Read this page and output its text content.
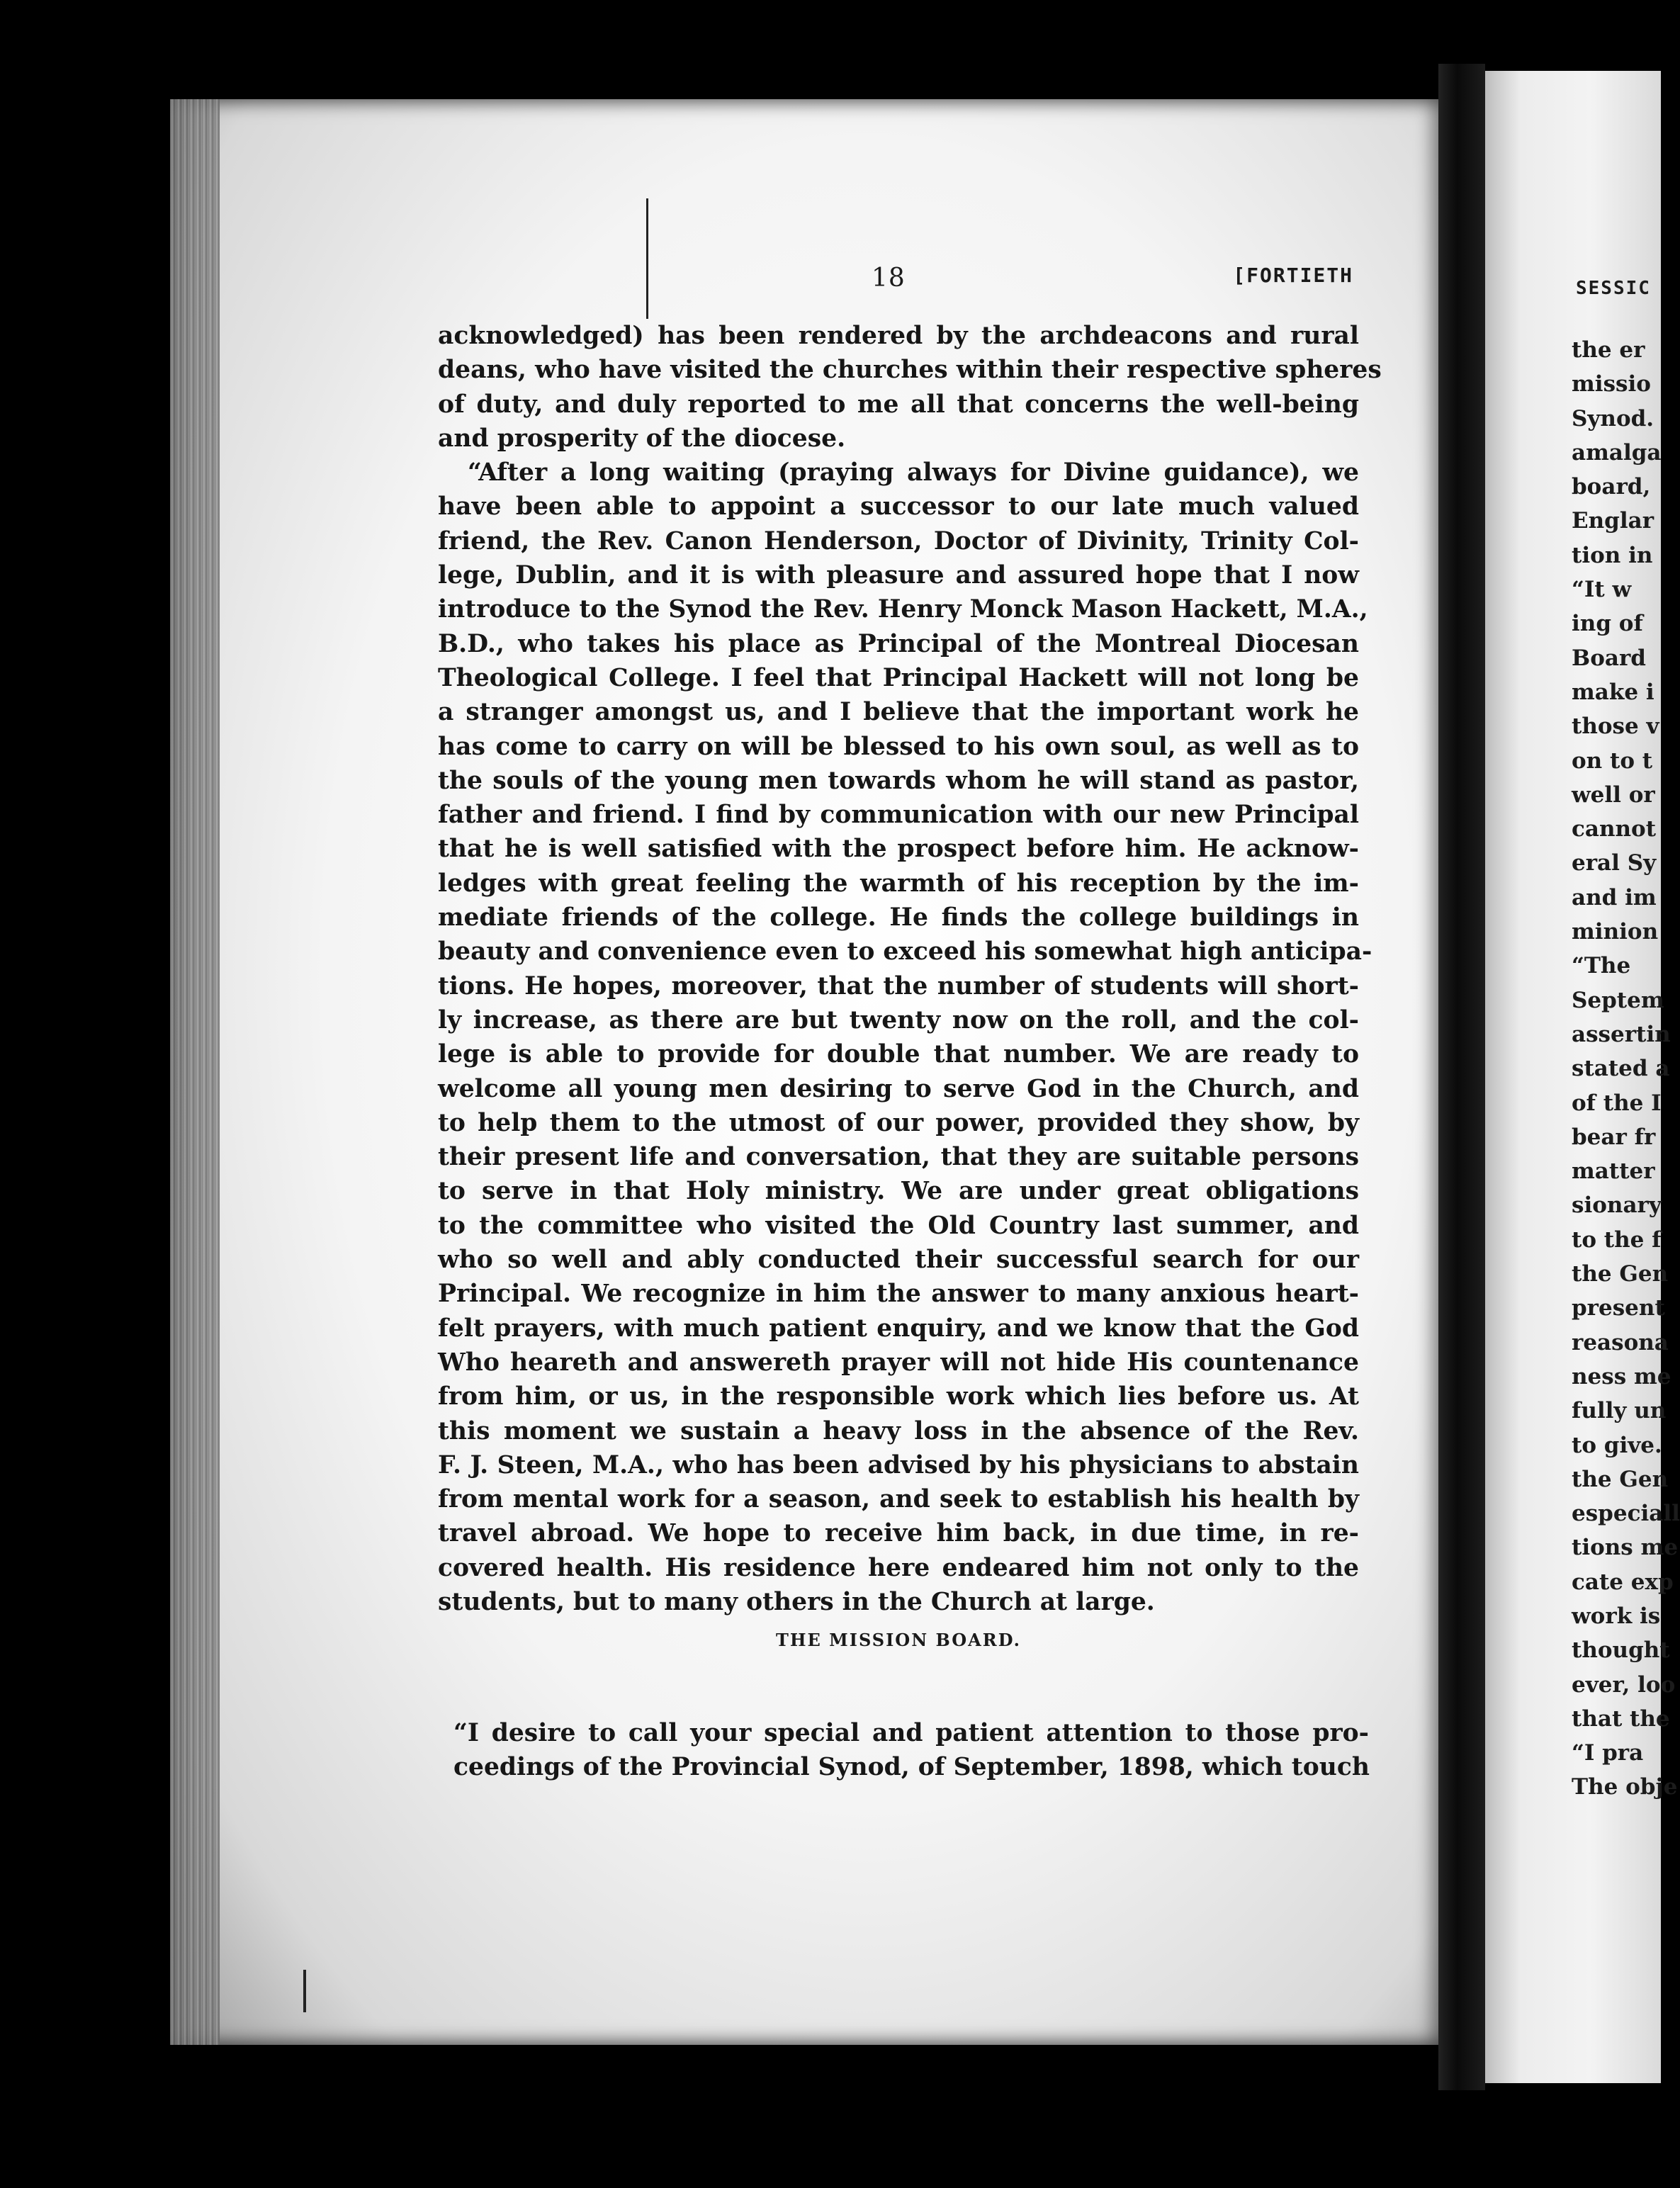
18	[FORTIETH
acknowledged) has been rendered by the archdeacons and rural
deans, who have visited the churches within their respective spheres
of duty, and duly reported to me all that concerns the well-being
and prosperity of the diocese.
“After a long waiting (praying always for Divine guidance), we
have been able to appoint a successor to our late much valued
friend, the Rev. Canon Henderson, Doctor of Divinity, Trinity Col-
lege, Dublin, and it is with pleasure and assured hope that I now
introduce to the Synod the Rev. Henry Monck Mason Hackett, M.A.,
B.D., who takes his place as Principal of the Montreal Diocesan
Theological College. I feel that Principal Hackett will not long be
a stranger amongst us, and I believe that the important work he
has come to carry on will be blessed to his own soul, as well as to
the souls of the young men towards whom he will stand as pastor,
father and friend. I find by communication with our new Principal
that he is well satisfied with the prospect before him. He acknow-
ledges with great feeling the warmth of his reception by the im-
mediate friends of the college. He finds the college buildings in
beauty and convenience even to exceed his somewhat high anticipa-
tions. He hopes, moreover, that the number of students will short-
ly increase, as there are but twenty now on the roll, and the col-
lege is able to provide for double that number. We are ready to
welcome all young men desiring to serve God in the Church, and
to help them to the utmost of our power, provided they show, by
their present life and conversation, that they are suitable persons
to serve in that Holy ministry. We are under great obligations
to the committee who visited the Old Country last summer, and
who so well and ably conducted their successful search for our
Principal. We recognize in him the answer to many anxious heart-
felt prayers, with much patient enquiry, and we know that the God
Who heareth and answereth prayer will not hide His countenance
from him, or us, in the responsible work which lies before us. At
this moment we sustain a heavy loss in the absence of the Rev.
F. J. Steen, M.A., who has been advised by his physicians to abstain
from mental work for a season, and seek to establish his health by
travel abroad. We hope to receive him back, in due time, in re-
covered health. His residence here endeared him not only to the
students, but to many others in the Church at large.
THE MISSION BOARD.
“I desire to call your special and patient attention to those pro-
ceedings of the Provincial Synod, of September, 1898, which touch
SESSIC
the er
missio
Synod.
amalga
board,
Englar
tion in
“It w
ing of
Board
make i
those v
on to t
well or
cannot
eral Sy
and im
minion
“The
Septem
assertin
stated a
of the I
bear fr
matter
sionary
to the f
the Gen
present
reasona
ness me
fully un
to give.
the Gen
especiall
tions me
cate exp
work is
thought
ever, loo
that the
“I pra
The obje
